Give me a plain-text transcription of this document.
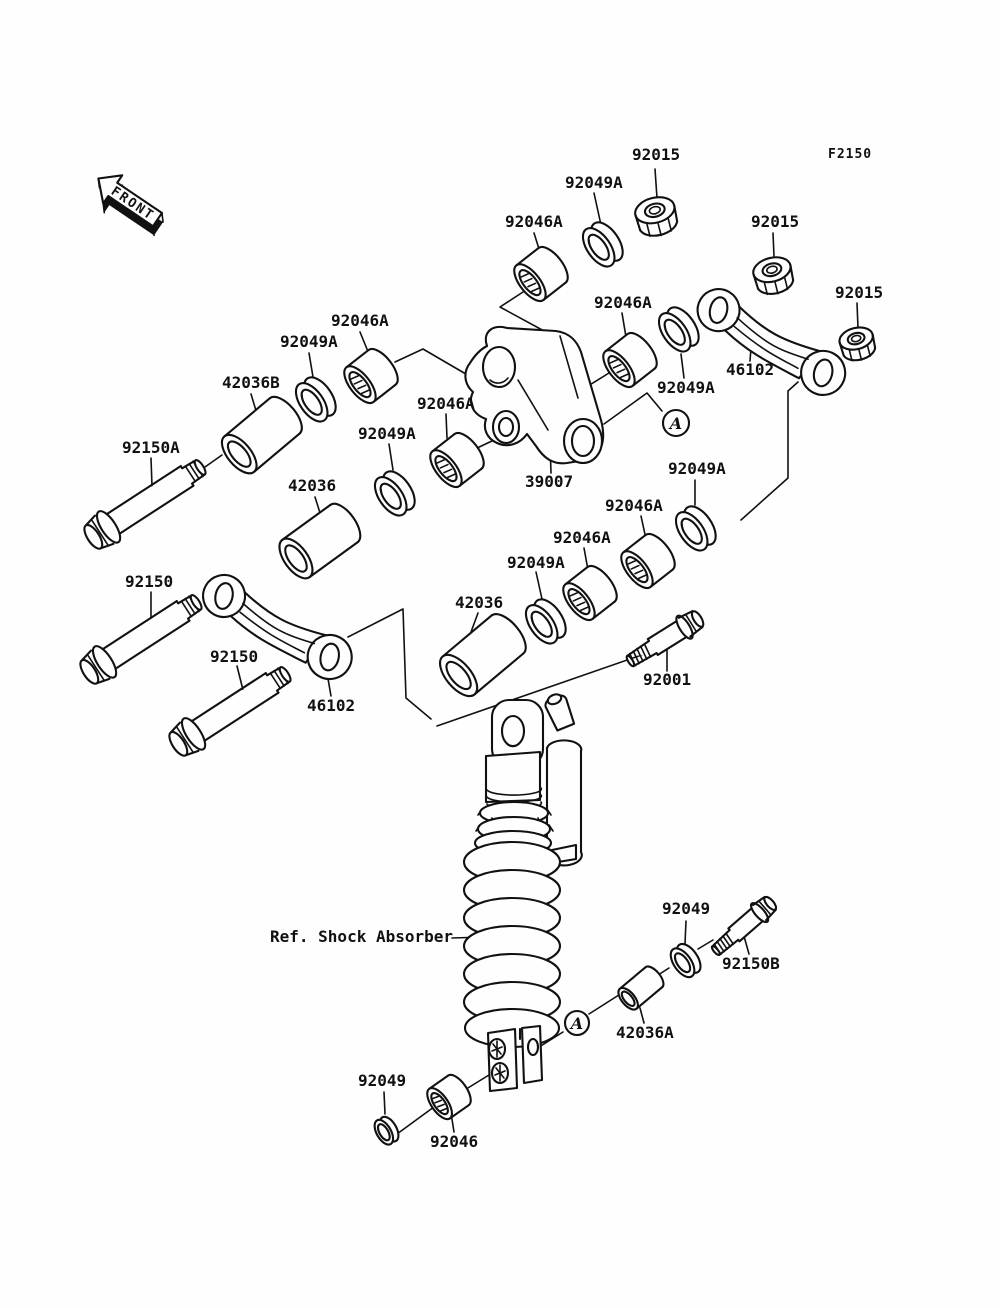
FRONT
A
A
F2150
92015
92049A
92046A	92015
92015
46102
92046A
92049A
42036B
92046A
92049A
92150A
92046A
92049A
42036	39007
92049A
92046A
92046A
92049A
42036
92150
92150
46102
92001
Ref. Shock Absorber
92049
92150B
42036A
92049
92046
